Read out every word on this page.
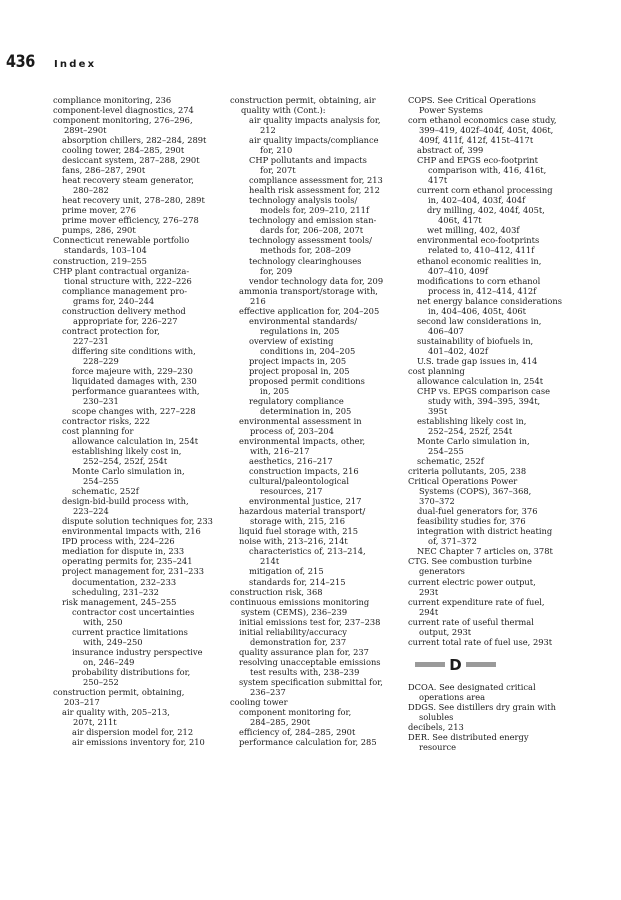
436 Index
compliance monitoring, 236
component-level diagnostics, 274
component monitoring, 276–296,
289t–290t
absorption chillers, 282–284, 289t
cooling tower, 284–285, 290t
desiccant system, 287–288, 290t
fans, 286–287, 290t
heat recovery steam generator,
280–282
heat recovery unit, 278–280, 289t
prime mover, 276
prime mover efficiency, 276–278
pumps, 286, 290t
Connecticut renewable portfolio
standards, 103–104
construction, 219–255
CHP plant contractual organiza-
tional structure with, 222–226
compliance management pro-
grams for, 240–244
construction delivery method
appropriate for, 226–227
contract protection for,
227–231
differing site conditions with,
228–229
force majeure with, 229–230
liquidated damages with, 230
performance guarantees with,
230–231
scope changes with, 227–228
contractor risks, 222
cost planning for
allowance calculation in, 254t
establishing likely cost in,
252–254, 252f, 254t
Monte Carlo simulation in,
254–255
schematic, 252f
design-bid-build process with,
223–224
dispute solution techniques for, 233
environmental impacts with, 216
IPD process with, 224–226
mediation for dispute in, 233
operating permits for, 235–241
project management for, 231–233
documentation, 232–233
scheduling, 231–232
risk management, 245–255
contractor cost uncertainties
with, 250
current practice limitations
with, 249–250
insurance industry perspective
on, 246–249
probability distributions for,
250–252
construction permit, obtaining,
203–217
air quality with, 205–213,
207t, 211t
air dispersion model for, 212
air emissions inventory for, 210
construction permit, obtaining, air
quality with (Cont.):
air quality impacts analysis for,
212
air quality impacts/compliance
for, 210
CHP pollutants and impacts
for, 207t
compliance assessment for, 213
health risk assessment for, 212
technology analysis tools/
models for, 209–210, 211f
technology and emission stan-
dards for, 206–208, 207t
technology assessment tools/
methods for, 208–209
technology clearinghouses
for, 209
vendor technology data for, 209
ammonia transport/storage with,
216
effective application for, 204–205
environmental standards/
regulations in, 205
overview of existing
conditions in, 204–205
project impacts in, 205
project proposal in, 205
proposed permit conditions
in, 205
regulatory compliance
determination in, 205
environmental assessment in
process of, 203–204
environmental impacts, other,
with, 216–217
aesthetics, 216–217
construction impacts, 216
cultural/paleontological
resources, 217
environmental justice, 217
hazardous material transport/
storage with, 215, 216
liquid fuel storage with, 215
noise with, 213–216, 214t
characteristics of, 213–214,
214t
mitigation of, 215
standards for, 214–215
construction risk, 368
continuous emissions monitoring
system (CEMS), 236–239
initial emissions test for, 237–238
initial reliability/accuracy
demonstration for, 237
quality assurance plan for, 237
resolving unacceptable emissions
test results with, 238–239
system specification submittal for,
236–237
cooling tower
component monitoring for,
284–285, 290t
efficiency of, 284–285, 290t
performance calculation for, 285
COPS. See Critical Operations
Power Systems
corn ethanol economics case study,
399–419, 402f–404f, 405t, 406t,
409f, 411f, 412f, 415t–417t
abstract of, 399
CHP and EPGS eco-footprint
comparison with, 416, 416t,
417t
current corn ethanol processing
in, 402–404, 403f, 404f
dry milling, 402, 404f, 405t,
406t, 417t
wet milling, 402, 403f
environmental eco-footprints
related to, 410–412, 411f
ethanol economic realities in,
407–410, 409f
modifications to corn ethanol
process in, 412–414, 412f
net energy balance considerations
in, 404–406, 405t, 406t
second law considerations in,
406–407
sustainability of biofuels in,
401–402, 402f
U.S. trade gap issues in, 414
cost planning
allowance calculation in, 254t
CHP vs. EPGS comparison case
study with, 394–395, 394t,
395t
establishing likely cost in,
252–254, 252f, 254t
Monte Carlo simulation in,
254–255
schematic, 252f
criteria pollutants, 205, 238
Critical Operations Power
Systems (COPS), 367–368,
370–372
dual-fuel generators for, 376
feasibility studies for, 376
integration with district heating
of, 371–372
NEC Chapter 7 articles on, 378t
CTG. See combustion turbine
generators
current electric power output,
293t
current expenditure rate of fuel,
294t
current rate of useful thermal
output, 293t
current total rate of fuel use, 293t
D
DCOA. See designated critical
operations area
DDGS. See distillers dry grain with
solubles
decibels, 213
DER. See distributed energy
resource
